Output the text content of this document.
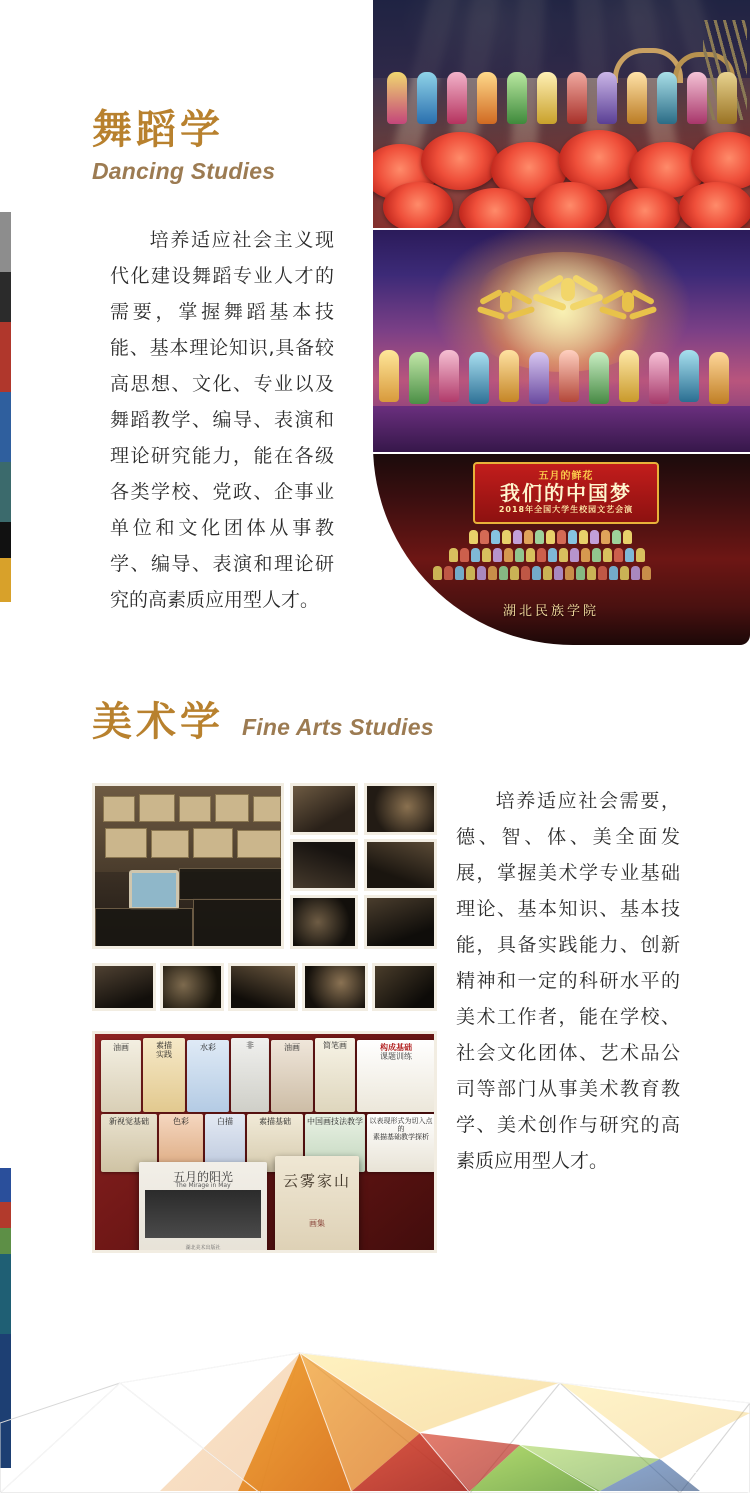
舞蹈学
Dancing Studies
培养适应社会主义现代化建设舞蹈专业人才的需要，掌握舞蹈基本技能、基本理论知识,具备较高思想、文化、专业以及舞蹈教学、编导、表演和理论研究能力，能在各级各类学校、党政、企事业单位和文化团体从事教学、编导、表演和理论研究的高素质应用型人才。
五月的鲜花
我们的中国梦
2018年全国大学生校园文艺会演
湖北民族学院
美术学 Fine Arts Studies
培养适应社会需要，德、智、体、美全面发展，掌握美术学专业基础理论、基本知识、基本技能，具备实践能力、创新精神和一定的科研水平的美术工作者，能在学校、社会文化团体、艺术品公司等部门从事美术教育教学、美术创作与研究的高素质应用型人才。
油画	素描
实践
水彩	非	油画	简笔画	构成基础
课题训练
新视觉基础	色彩	白描	素描基础	中国画技法教学 以表现形式为切入点的
素描基础教学探析
五月的阳光
The Mirage in May
湖北美术出版社
云雾家山
画集
